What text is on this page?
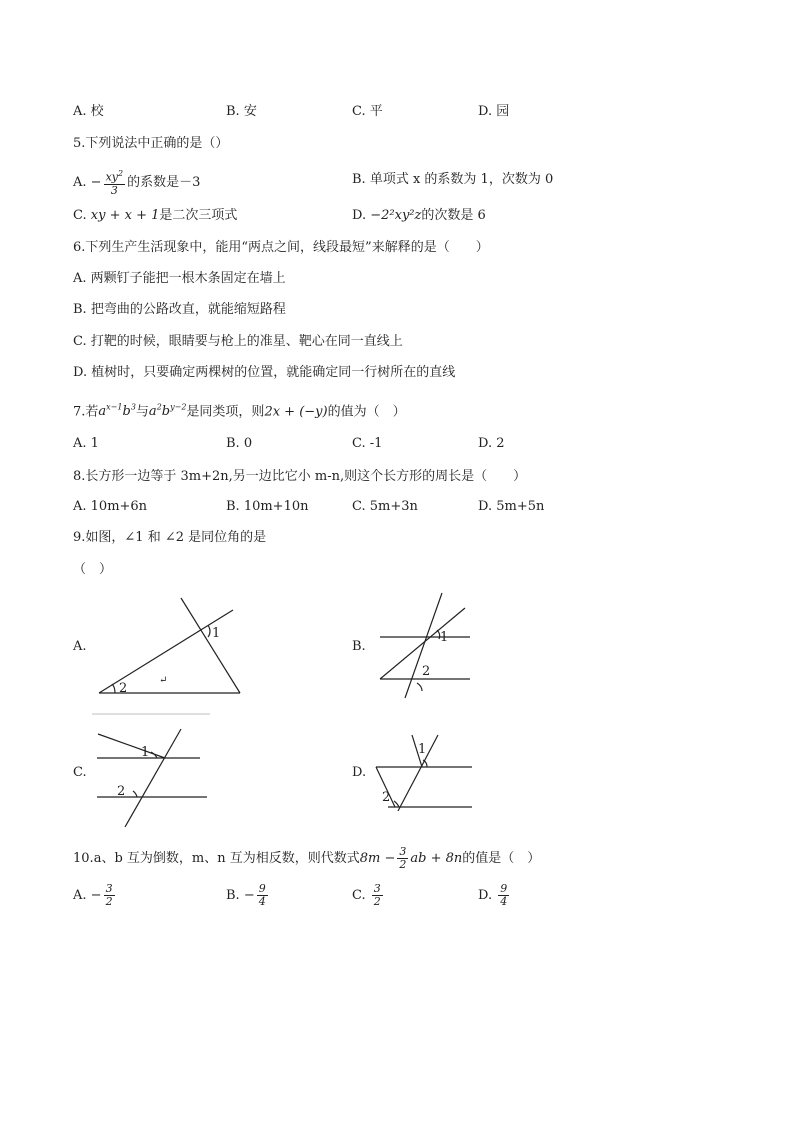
A. 校	B. 安	C. 平	D. 园
5.下列说法中正确的是（）
A. − $\frac{xy^2}{3}$ 的系数是－3	B. 单项式 x 的系数为 1，次数为 0
C. xy + x + 1是二次三项式	D. −2²xy²z的次数是 6
6.下列生产生活现象中，能用“两点之间，线段最短”来解释的是（　　）
A. 两颗钉子能把一根木条固定在墙上
B. 把弯曲的公路改直，就能缩短路程
C. 打靶的时候，眼睛要与枪上的准星、靶心在同一直线上
D. 植树时，只要确定两棵树的位置，就能确定同一行树所在的直线
7.若$a^{x-1}b^3$与$a^2b^{y-2}$是同类项，则2x + (−y)的值为（　）
A. 1	B. 0	C. -1	D. 2
8.长方形一边等于 3m+2n,另一边比它小 m-n,则这个长方形的周长是（　　）
A. 10m+6n	B. 10m+10n	C. 5m+3n	D. 5m+5n
9.如图，∠1 和 ∠2 是同位角的是
（　）
A.
1
2
↵
B.
1
2
C.
1
2
D.
1
2
10.a、b 互为倒数，m、n 互为相反数，则代数式$8m - \frac{3}{2}$ ab + 8n的值是（　）
A. − $\frac{3}{2}$	B. − $\frac{9}{4}$	C. $\frac{3}{2}$	D. $\frac{9}{4}$
